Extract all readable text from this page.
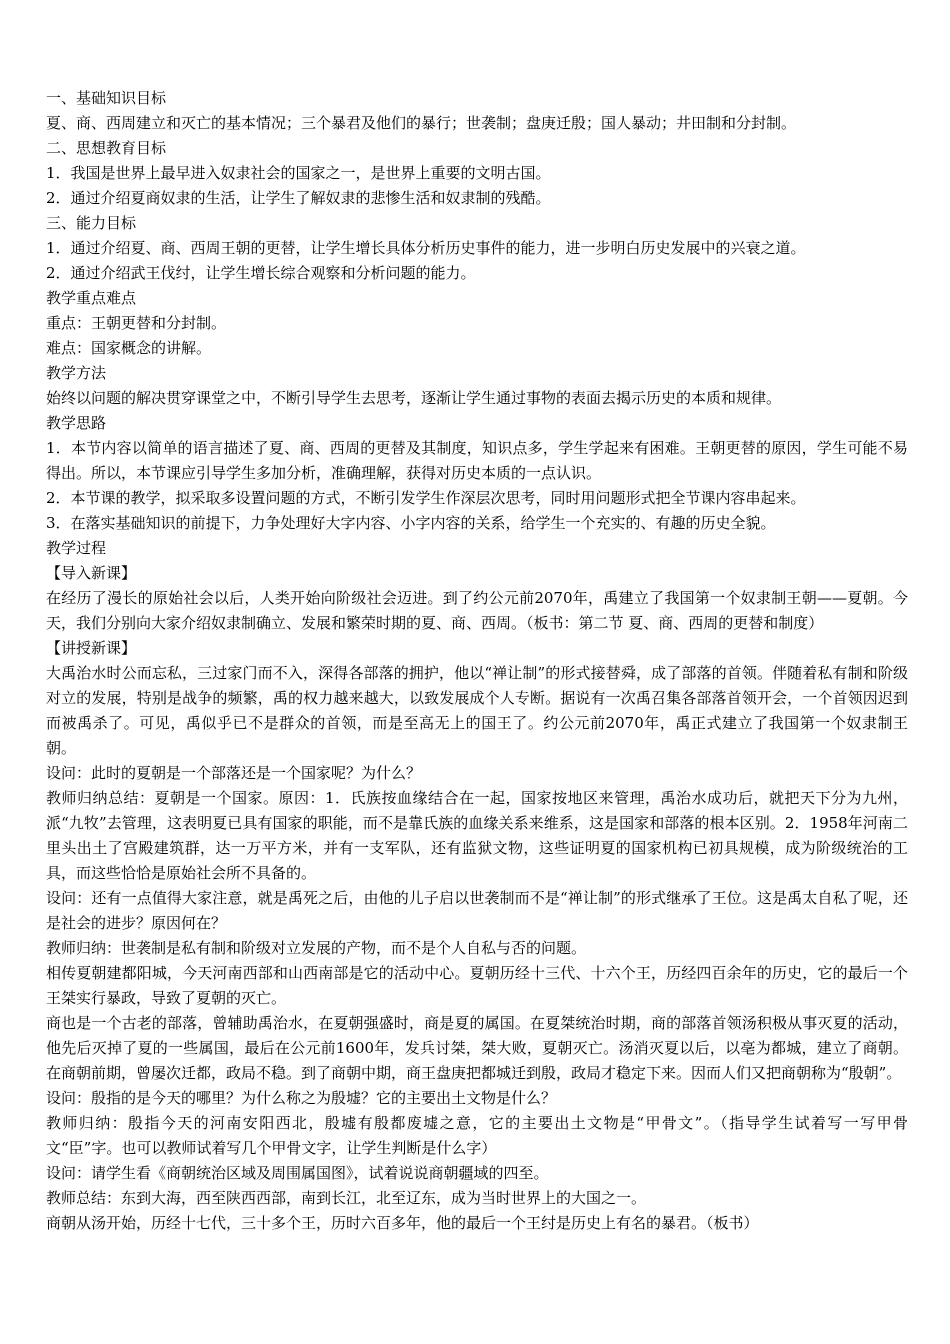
一、基础知识目标

夏、商、西周建立和灭亡的基本情况；三个暴君及他们的暴行；世袭制；盘庚迁殷；国人暴动；井田制和分封制。

二、思想教育目标

1．我国是世界上最早进入奴隶社会的国家之一，是世界上重要的文明古国。

2．通过介绍夏商奴隶的生活，让学生了解奴隶的悲惨生活和奴隶制的残酷。

三、能力目标

1．通过介绍夏、商、西周王朝的更替，让学生增长具体分析历史事件的能力，进一步明白历史发展中的兴衰之道。

2．通过介绍武王伐纣，让学生增长综合观察和分析问题的能力。

教学重点难点

重点：王朝更替和分封制。

难点：国家概念的讲解。

教学方法

始终以问题的解决贯穿课堂之中，不断引导学生去思考，逐渐让学生通过事物的表面去揭示历史的本质和规律。

教学思路

1．本节内容以简单的语言描述了夏、商、西周的更替及其制度，知识点多，学生学起来有困难。王朝更替的原因，学生可能不易得出。所以，本节课应引导学生多加分析，准确理解，获得对历史本质的一点认识。

2．本节课的教学，拟采取多设置问题的方式，不断引发学生作深层次思考，同时用问题形式把全节课内容串起来。

3．在落实基础知识的前提下，力争处理好大字内容、小字内容的关系，给学生一个充实的、有趣的历史全貌。

教学过程

【导入新课】

在经历了漫长的原始社会以后，人类开始向阶级社会迈进。到了约公元前2070年，禹建立了我国第一个奴隶制王朝——夏朝。今天，我们分别向大家介绍奴隶制确立、发展和繁荣时期的夏、商、西周。（板书：第二节 夏、商、西周的更替和制度）

【讲授新课】

大禹治水时公而忘私，三过家门而不入，深得各部落的拥护，他以“禅让制”的形式接替舜，成了部落的首领。伴随着私有制和阶级对立的发展，特别是战争的频繁，禹的权力越来越大，以致发展成个人专断。据说有一次禹召集各部落首领开会，一个首领因迟到而被禹杀了。可见，禹似乎已不是群众的首领，而是至高无上的国王了。约公元前2070年，禹正式建立了我国第一个奴隶制王朝。

设问：此时的夏朝是一个部落还是一个国家呢？为什么？

教师归纳总结：夏朝是一个国家。原因：1．氏族按血缘结合在一起，国家按地区来管理，禹治水成功后，就把天下分为九州，派“九牧”去管理，这表明夏已具有国家的职能，而不是靠氏族的血缘关系来维系，这是国家和部落的根本区别。2．1958年河南二里头出土了宫殿建筑群，达一万平方米，并有一支军队，还有监狱文物，这些证明夏的国家机构已初具规模，成为阶级统治的工具，而这些恰恰是原始社会所不具备的。

设问：还有一点值得大家注意，就是禹死之后，由他的儿子启以世袭制而不是“禅让制”的形式继承了王位。这是禹太自私了呢，还是社会的进步？原因何在？

教师归纳：世袭制是私有制和阶级对立发展的产物，而不是个人自私与否的问题。

相传夏朝建都阳城，今天河南西部和山西南部是它的活动中心。夏朝历经十三代、十六个王，历经四百余年的历史，它的最后一个王桀实行暴政，导致了夏朝的灭亡。

商也是一个古老的部落，曾辅助禹治水，在夏朝强盛时，商是夏的属国。在夏桀统治时期，商的部落首领汤积极从事灭夏的活动，他先后灭掉了夏的一些属国，最后在公元前1600年，发兵讨桀，桀大败，夏朝灭亡。汤消灭夏以后，以亳为都城，建立了商朝。在商朝前期，曾屡次迁都，政局不稳。到了商朝中期，商王盘庚把都城迁到殷，政局才稳定下来。因而人们又把商朝称为“殷朝”。

设问：殷指的是今天的哪里？为什么称之为殷墟？它的主要出土文物是什么？

教师归纳：殷指今天的河南安阳西北，殷墟有殷都废墟之意，它的主要出土文物是“甲骨文”。（指导学生试着写一写甲骨文“臣”字。也可以教师试着写几个甲骨文字，让学生判断是什么字）

设问：请学生看《商朝统治区域及周围属国图》，试着说说商朝疆域的四至。

教师总结：东到大海，西至陕西西部，南到长江，北至辽东，成为当时世界上的大国之一。

商朝从汤开始，历经十七代，三十多个王，历时六百多年，他的最后一个王纣是历史上有名的暴君。（板书）
